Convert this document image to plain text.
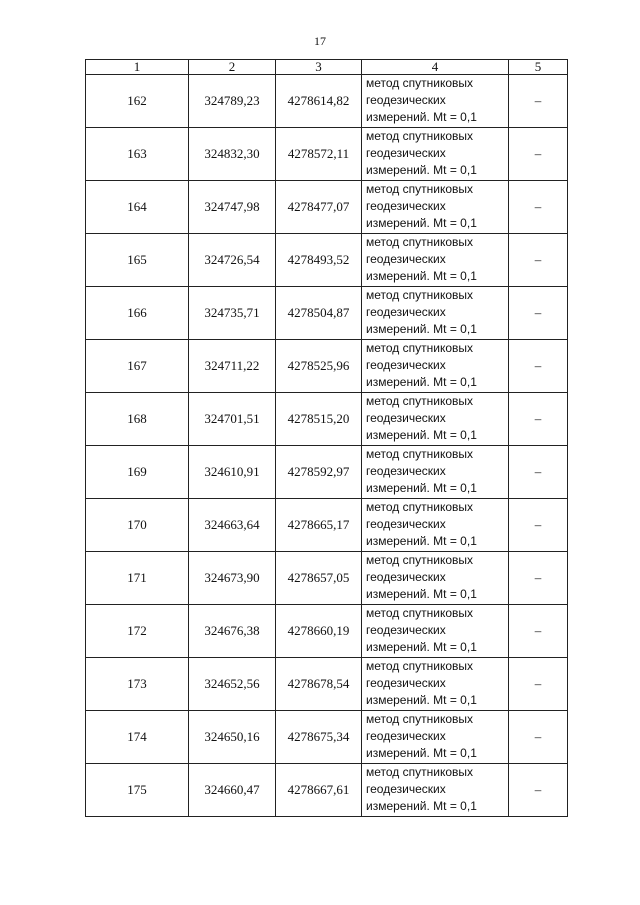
17
1	2	3	4	5
162	324789,23	4278614,82	метод спутниковых геодезических измерений. Mt = 0,1	–
163	324832,30	4278572,11	метод спутниковых геодезических измерений. Mt = 0,1	–
164	324747,98	4278477,07	метод спутниковых геодезических измерений. Mt = 0,1	–
165	324726,54	4278493,52	метод спутниковых геодезических измерений. Mt = 0,1	–
166	324735,71	4278504,87	метод спутниковых геодезических измерений. Mt = 0,1	–
167	324711,22	4278525,96	метод спутниковых геодезических измерений. Mt = 0,1	–
168	324701,51	4278515,20	метод спутниковых геодезических измерений. Mt = 0,1	–
169	324610,91	4278592,97	метод спутниковых геодезических измерений. Mt = 0,1	–
170	324663,64	4278665,17	метод спутниковых геодезических измерений. Mt = 0,1	–
171	324673,90	4278657,05	метод спутниковых геодезических измерений. Mt = 0,1	–
172	324676,38	4278660,19	метод спутниковых геодезических измерений. Mt = 0,1	–
173	324652,56	4278678,54	метод спутниковых геодезических измерений. Mt = 0,1	–
174	324650,16	4278675,34	метод спутниковых геодезических измерений. Mt = 0,1	–
175	324660,47	4278667,61	метод спутниковых геодезических измерений. Mt = 0,1	–
